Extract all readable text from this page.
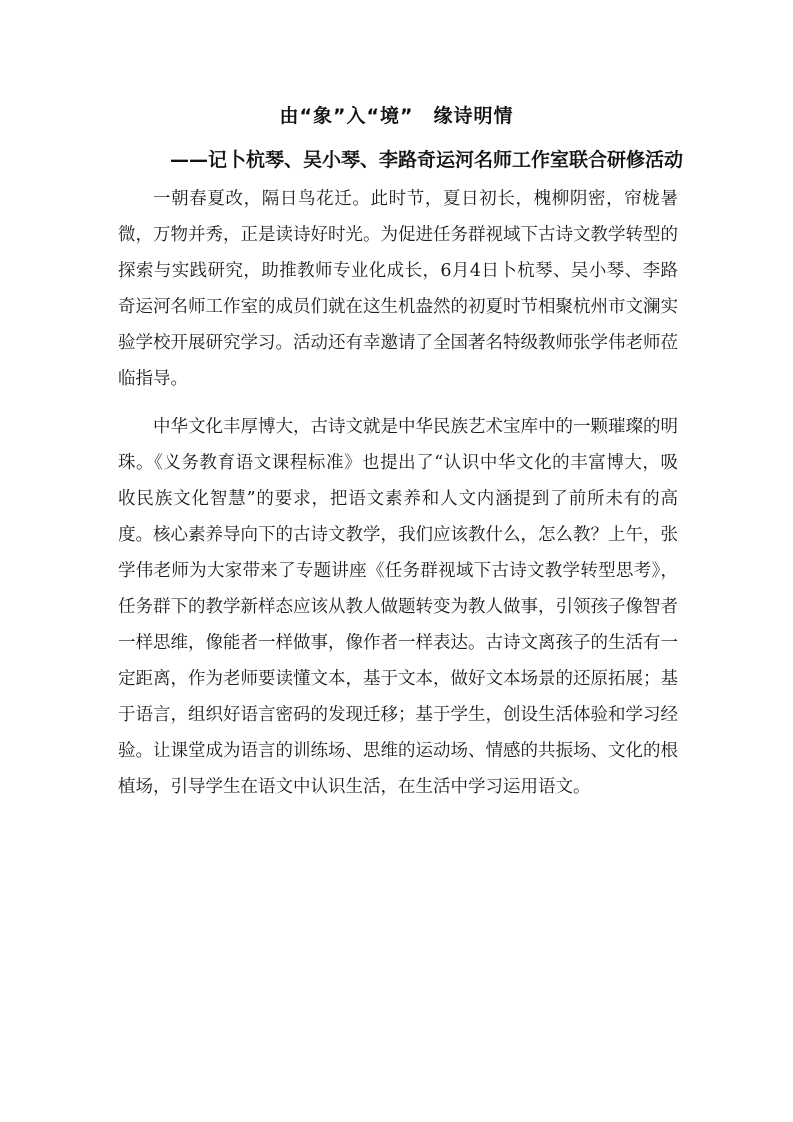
由“象”入“境”　缘诗明情
——记卜杭琴、吴小琴、李路奇运河名师工作室联合研修活动

一朝春夏改，隔日鸟花迁。此时节，夏日初长，槐柳阴密，帘栊暑微，万物并秀，正是读诗好时光。为促进任务群视域下古诗文教学转型的探索与实践研究，助推教师专业化成长，6月4日卜杭琴、吴小琴、李路奇运河名师工作室的成员们就在这生机盎然的初夏时节相聚杭州市文澜实验学校开展研究学习。活动还有幸邀请了全国著名特级教师张学伟老师莅临指导。

中华文化丰厚博大，古诗文就是中华民族艺术宝库中的一颗璀璨的明珠。《义务教育语文课程标准》也提出了“认识中华文化的丰富博大，吸收民族文化智慧”的要求，把语文素养和人文内涵提到了前所未有的高度。核心素养导向下的古诗文教学，我们应该教什么，怎么教？上午，张学伟老师为大家带来了专题讲座《任务群视域下古诗文教学转型思考》，任务群下的教学新样态应该从教人做题转变为教人做事，引领孩子像智者一样思维，像能者一样做事，像作者一样表达。古诗文离孩子的生活有一定距离，作为老师要读懂文本，基于文本，做好文本场景的还原拓展；基于语言，组织好语言密码的发现迁移；基于学生，创设生活体验和学习经验。让课堂成为语言的训练场、思维的运动场、情感的共振场、文化的根植场，引导学生在语文中认识生活，在生活中学习运用语文。
